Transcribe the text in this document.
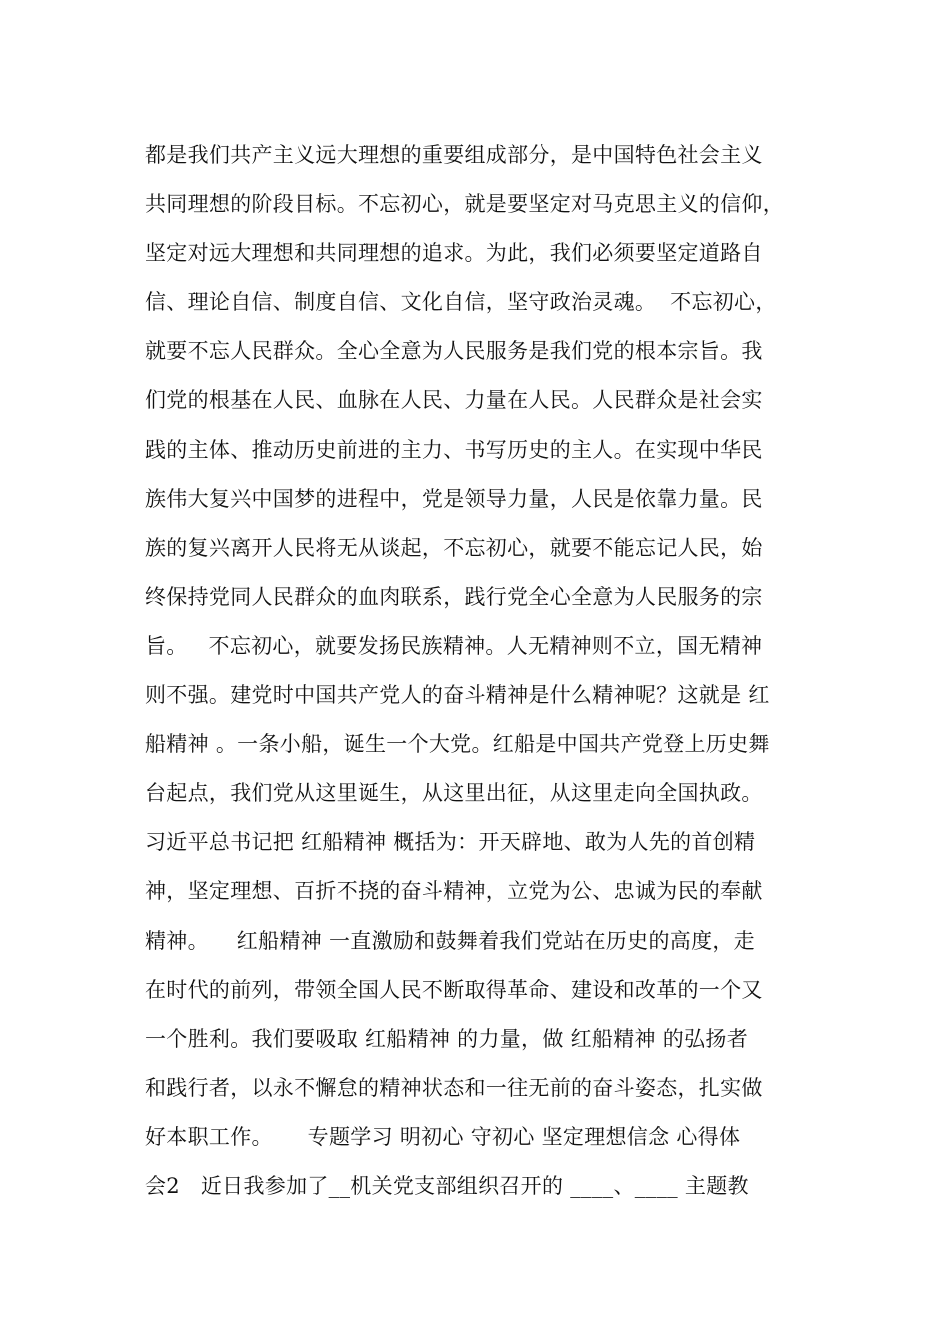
都是我们共产主义远大理想的重要组成部分，是中国特色社会主义
共同理想的阶段目标。不忘初心，就是要坚定对马克思主义的信仰，
坚定对远大理想和共同理想的追求。为此，我们必须要坚定道路自
信、理论自信、制度自信、文化自信，坚守政治灵魂。  不忘初心，
就要不忘人民群众。全心全意为人民服务是我们党的根本宗旨。我
们党的根基在人民、血脉在人民、力量在人民。人民群众是社会实
践的主体、推动历史前进的主力、书写历史的主人。在实现中华民
族伟大复兴中国梦的进程中，党是领导力量，人民是依靠力量。民
族的复兴离开人民将无从谈起，不忘初心，就要不能忘记人民，始
终保持党同人民群众的血肉联系，践行党全心全意为人民服务的宗
旨。   不忘初心，就要发扬民族精神。人无精神则不立，国无精神
则不强。建党时中国共产党人的奋斗精神是什么精神呢？这就是 红
船精神 。一条小船，诞生一个大党。红船是中国共产党登上历史舞
台起点，我们党从这里诞生，从这里出征，从这里走向全国执政。
习近平总书记把 红船精神 概括为：开天辟地、敢为人先的首创精
神，坚定理想、百折不挠的奋斗精神，立党为公、忠诚为民的奉献
精神。    红船精神 一直激励和鼓舞着我们党站在历史的高度，走
在时代的前列，带领全国人民不断取得革命、建设和改革的一个又
一个胜利。我们要吸取 红船精神 的力量，做 红船精神 的弘扬者
和践行者，以永不懈怠的精神状态和一往无前的奋斗姿态，扎实做
好本职工作。     专题学习 明初心 守初心 坚定理想信念 心得体
会2   近日我参加了__机关党支部组织召开的 ____、____ 主题教
